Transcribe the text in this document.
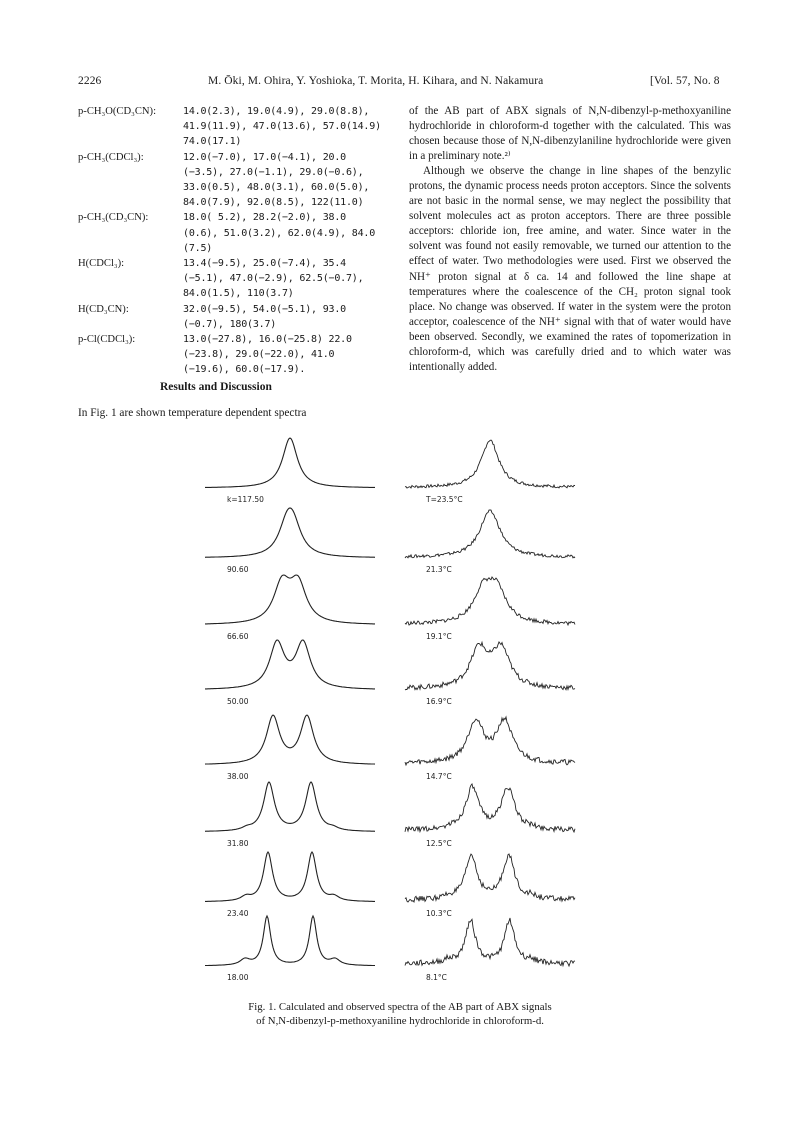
2226	M. Ōki, M. Ohira, Y. Yoshioka, T. Morita, H. Kihara, and N. Nakamura	[Vol. 57, No. 8
p-CH₃O(CD₃CN):	14.0(2.3), 19.0(4.9), 29.0(8.8),
41.9(11.9), 47.0(13.6), 57.0(14.9)
74.0(17.1)
p-CH₃(CDCl₃):	12.0(−7.0), 17.0(−4.1), 20.0
(−3.5), 27.0(−1.1), 29.0(−0.6),
33.0(0.5), 48.0(3.1), 60.0(5.0),
84.0(7.9), 92.0(8.5), 122(11.0)
p-CH₃(CD₃CN):	18.0( 5.2), 28.2(−2.0), 38.0
(0.6), 51.0(3.2), 62.0(4.9), 84.0
(7.5)
H(CDCl₃):	13.4(−9.5), 25.0(−7.4), 35.4
(−5.1), 47.0(−2.9), 62.5(−0.7),
84.0(1.5), 110(3.7)
H(CD₃CN):	32.0(−9.5), 54.0(−5.1), 93.0
(−0.7), 180(3.7)
p-Cl(CDCl₃):	13.0(−27.8), 16.0(−25.8) 22.0
(−23.8), 29.0(−22.0), 41.0
(−19.6), 60.0(−17.9).
Results and Discussion
In Fig. 1 are shown temperature dependent spectra

of the AB part of ABX signals of N,N-dibenzyl-p-methoxyaniline hydrochloride in chloroform-d together with the calculated. This was chosen because those of N,N-dibenzylaniline hydrochloride were given in a preliminary note.²⁾

Although we observe the change in line shapes of the benzylic protons, the dynamic process needs proton acceptors. Since the solvents are not basic in the normal sense, we may neglect the possibility that solvent molecules act as proton acceptors. There are three possible acceptors: chloride ion, free amine, and water. Since water in the solvent was found not easily removable, we turned our attention to the effect of water. Two methodologies were used. First we observed the NH⁺ proton signal at δ ca. 14 and followed the line shape at temperatures where the coalescence of the CH₂ proton signal took place. No change was observed. If water in the system were the proton acceptor, coalescence of the NH⁺ signal with that of water would have been observed. Secondly, we examined the rates of topomerization in chloroform-d, which was carefully dried and to which water was intentionally added.

k=117.50	T=23.5°C
90.60	21.3°C
66.60	19.1°C
50.00	16.9°C
38.00	14.7°C
31.80	12.5°C
23.40	10.3°C
18.00	8.1°C
Fig. 1. Calculated and observed spectra of the AB part of ABX signals
of N,N-dibenzyl-p-methoxyaniline hydrochloride in chloroform-d.
